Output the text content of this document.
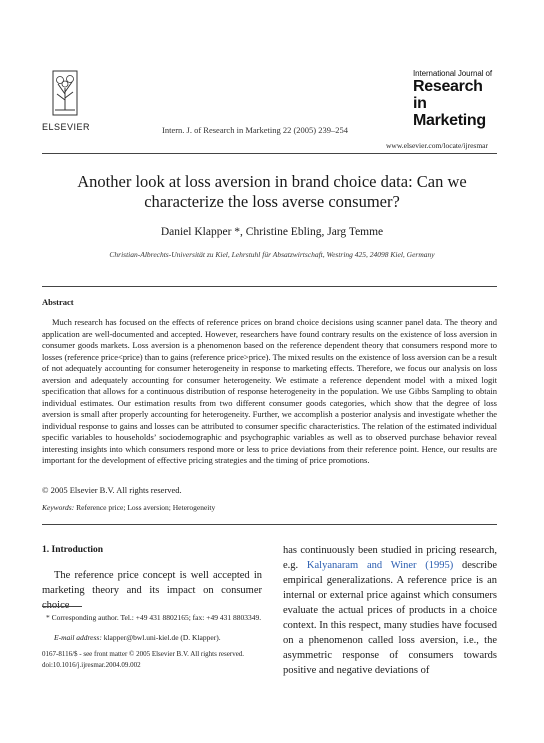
ELSEVIER	Intern. J. of Research in Marketing 22 (2005) 239–254
International Journal of
Research in
Marketing
www.elsevier.com/locate/ijresmar
Another look at loss aversion in brand choice data: Can we characterize the loss averse consumer?
Daniel Klapper *, Christine Ebling, Jarg Temme
Christian-Albrechts-Universität zu Kiel, Lehrstuhl für Absatzwirtschaft, Westring 425, 24098 Kiel, Germany
Abstract
Much research has focused on the effects of reference prices on brand choice decisions using scanner panel data. The theory and application are well-documented and accepted. However, researchers have found contrary results on the existence of loss aversion in consumer goods markets. Loss aversion is a phenomenon based on the reference dependent theory that consumers respond more to losses (reference price<price) than to gains (reference price>price). The mixed results on the existence of loss aversion can be a result of not adequately accounting for consumer heterogeneity in response to marketing effects. Therefore, we focus our analysis on loss aversion and adequately accounting for consumer heterogeneity. We estimate a reference dependent model with a mixed logit specification that allows for a continuous distribution of response heterogeneity in the population. We use Gibbs Sampling to obtain individual estimates. Our estimation results from two different consumer goods categories, which show that the degree of loss aversion is small after properly accounting for heterogeneity. Further, we accomplish a posterior analysis and investigate whether the individual response to gains and losses can be attributed to consumer specific characteristics. The relation of the estimated individual specific variables to households’ sociodemographic and psychographic variables as well as to observed purchase behavior reveal interesting insights into which consumers respond more or less to price deviations from their reference point. Hence, our results are important for the development of effective pricing strategies and the timing of price promotions.
© 2005 Elsevier B.V. All rights reserved.
Keywords: Reference price; Loss aversion; Heterogeneity
1. Introduction
The reference price concept is well accepted in marketing theory and its impact on consumer choice
has continuously been studied in pricing research, e.g. Kalyanaram and Winer (1995) describe empirical generalizations. A reference price is an internal or external price against which consumers evaluate the actual prices of products in a choice context. In this respect, many studies have focused on a phenomenon called loss aversion, i.e., the asymmetric response of consumers towards positive and negative deviations of
* Corresponding author. Tel.: +49 431 8802165; fax: +49 431 8803349.
E-mail address: klapper@bwl.uni-kiel.de (D. Klapper).
0167-8116/$ - see front matter © 2005 Elsevier B.V. All rights reserved.
doi:10.1016/j.ijresmar.2004.09.002
